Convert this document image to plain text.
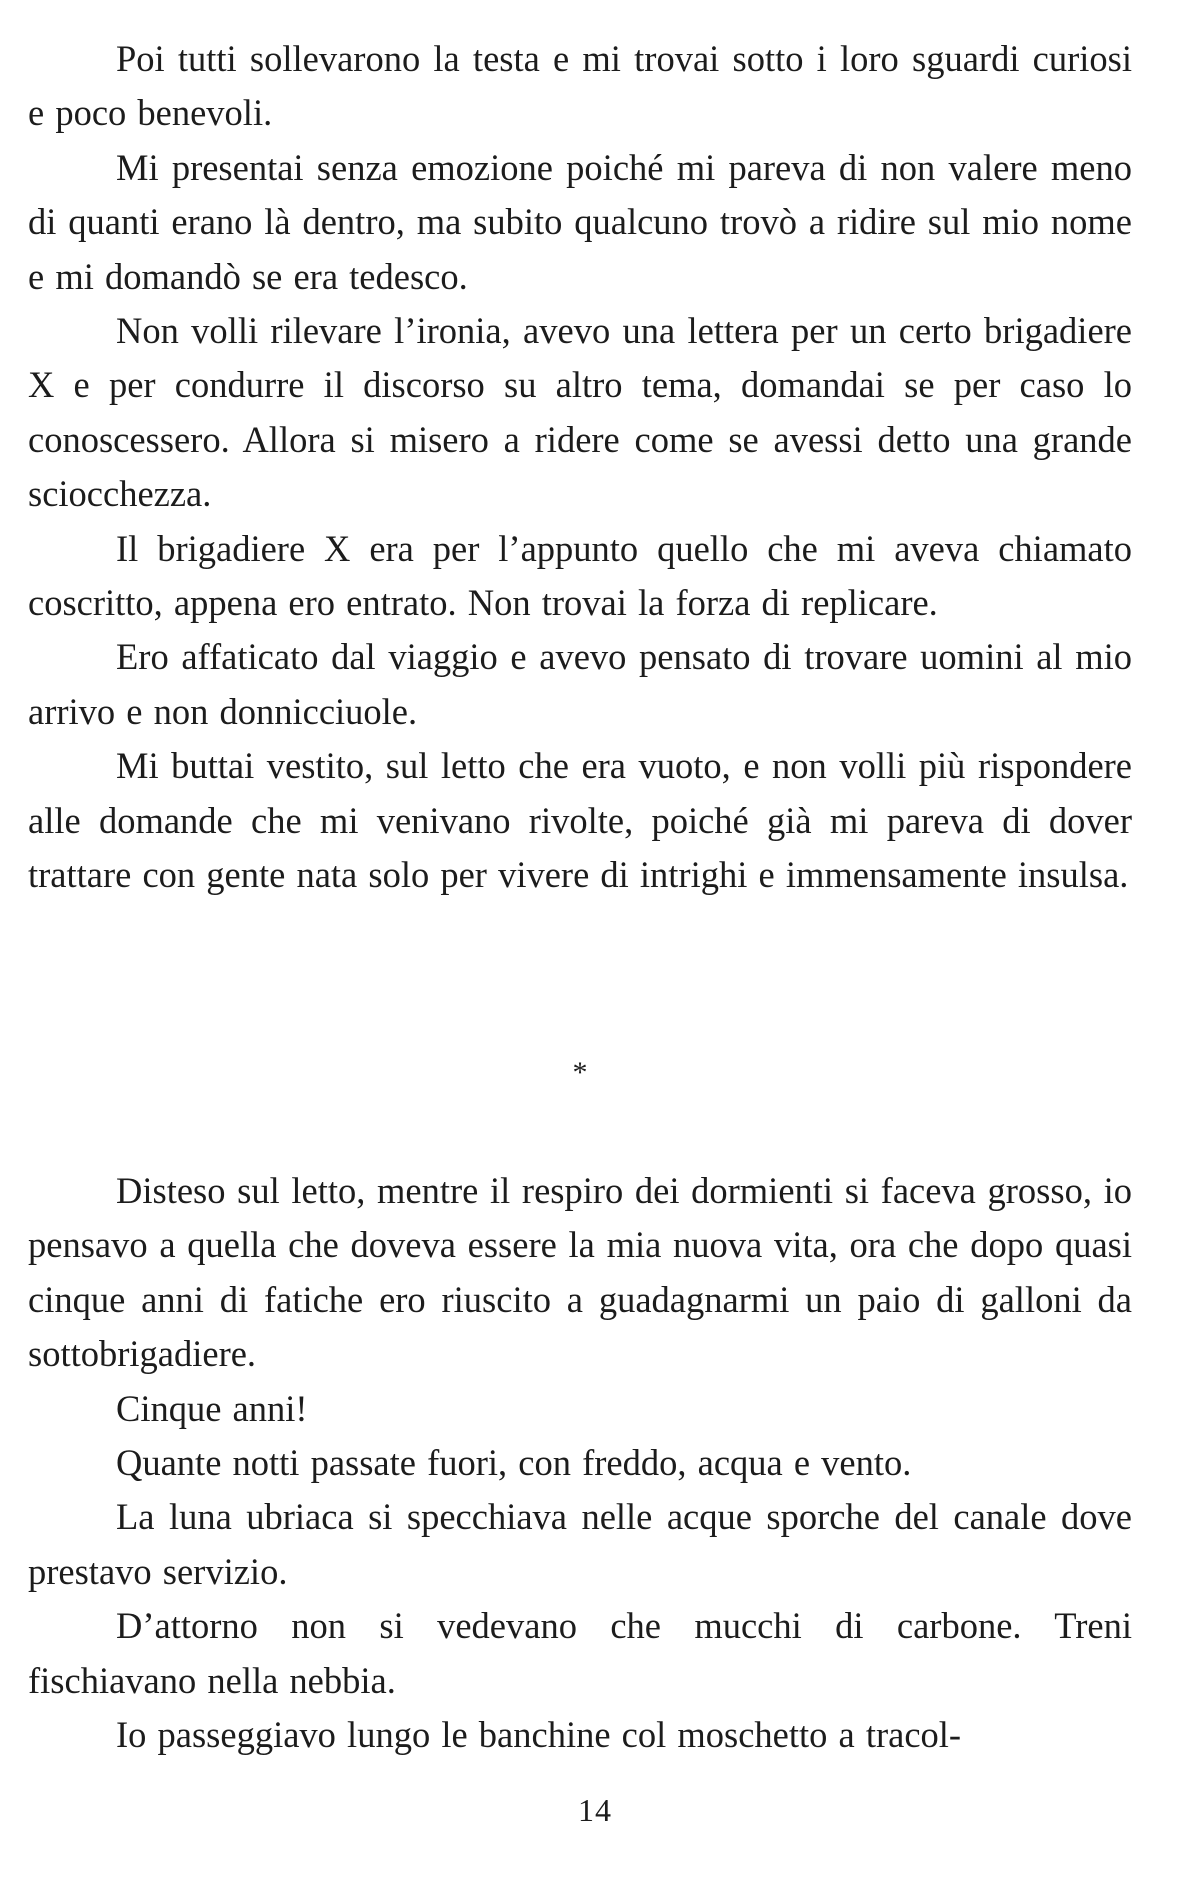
Poi tutti sollevarono la testa e mi trovai sotto i loro sguardi curiosi e poco benevoli.

Mi presentai senza emozione poiché mi pareva di non valere meno di quanti erano là dentro, ma subito qualcuno trovò a ridire sul mio nome e mi domandò se era tedesco.

Non volli rilevare l’ironia, avevo una lettera per un certo brigadiere X e per condurre il discorso su altro tema, domandai se per caso lo conoscessero. Allora si misero a ridere come se avessi detto una grande sciocchezza.

Il brigadiere X era per l’appunto quello che mi aveva chiamato coscritto, appena ero entrato. Non trovai la forza di replicare.

Ero affaticato dal viaggio e avevo pensato di trovare uomini al mio arrivo e non donnicciuole.

Mi buttai vestito, sul letto che era vuoto, e non volli più rispondere alle domande che mi venivano rivolte, poiché già mi pareva di dover trattare con gente nata solo per vivere di intrighi e immensamente insulsa.

*

Disteso sul letto, mentre il respiro dei dormienti si faceva grosso, io pensavo a quella che doveva essere la mia nuova vita, ora che dopo quasi cinque anni di fatiche ero riuscito a guadagnarmi un paio di galloni da sottobrigadiere.

Cinque anni!

Quante notti passate fuori, con freddo, acqua e vento.

La luna ubriaca si specchiava nelle acque sporche del canale dove prestavo servizio.

D’attorno non si vedevano che mucchi di carbone. Treni fischiavano nella nebbia.

Io passeggiavo lungo le banchine col moschetto a tracol-

14
